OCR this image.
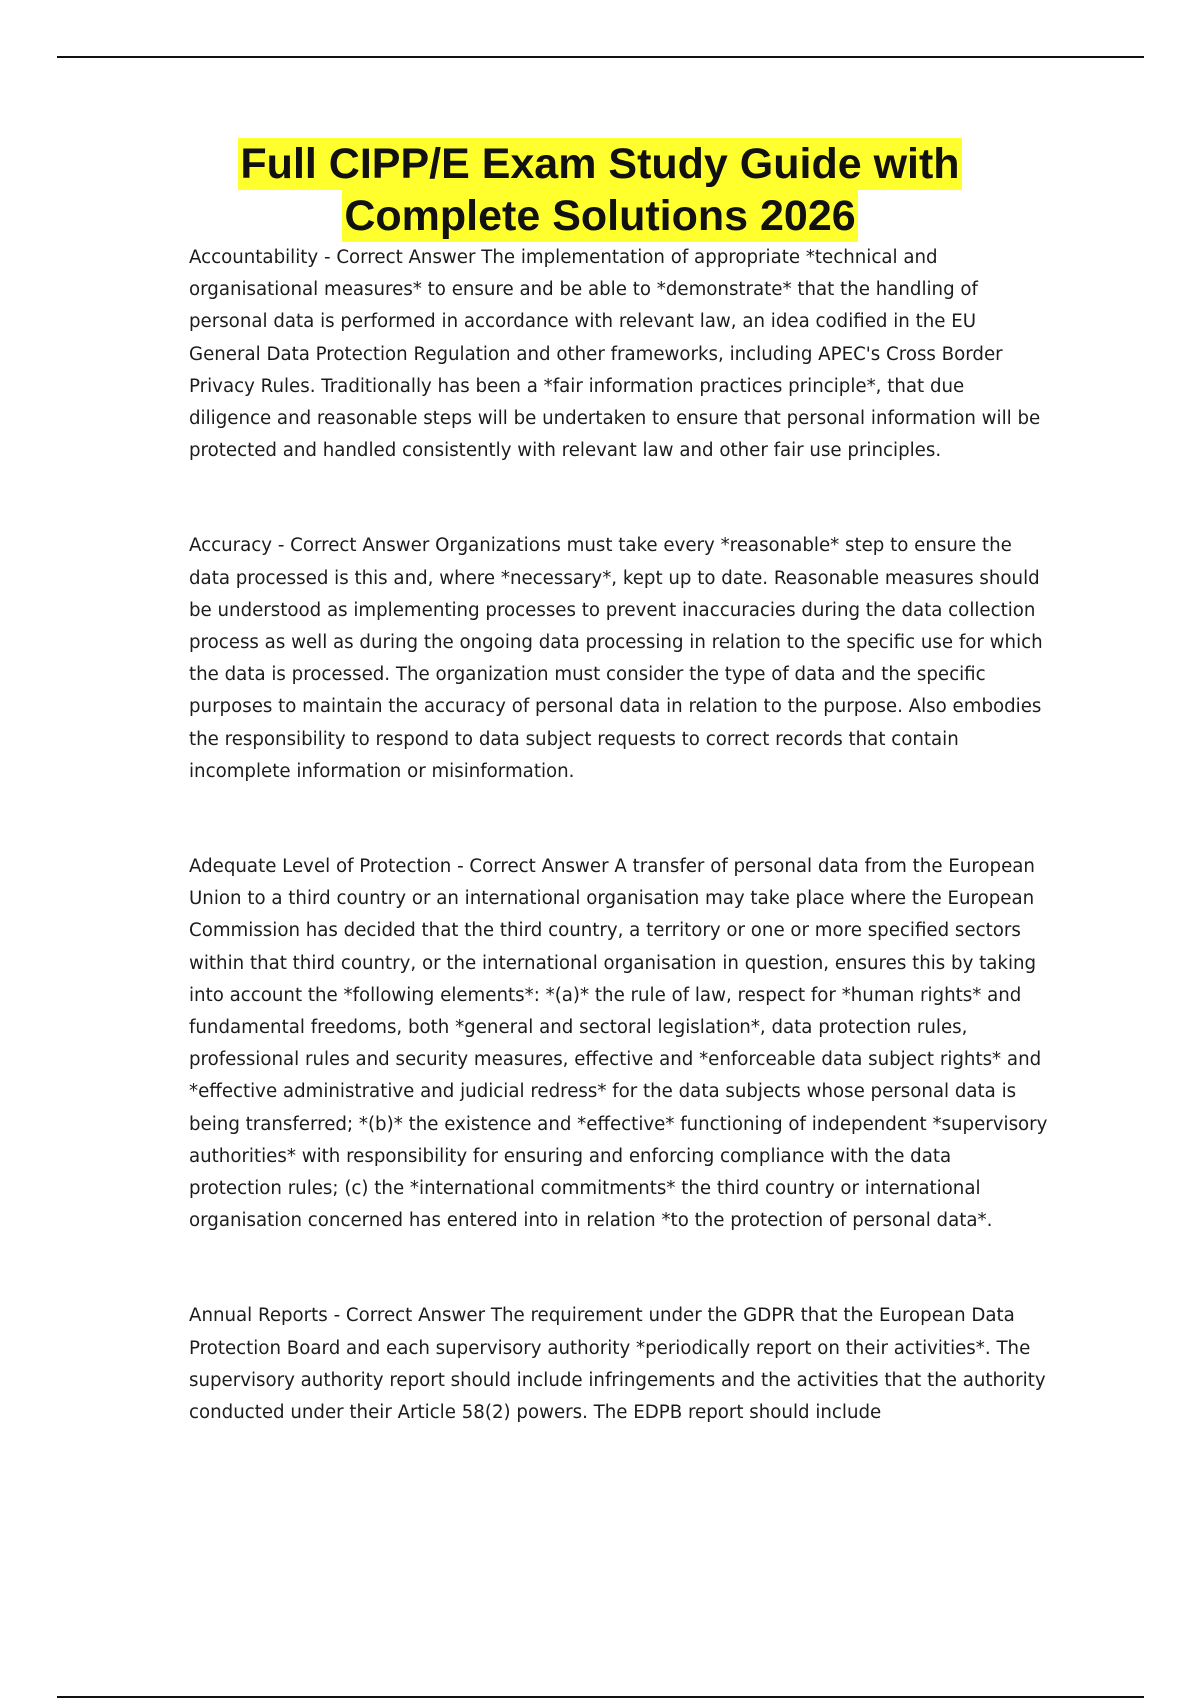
Full CIPP/E Exam Study Guide with
Complete Solutions 2026

Accountability - Correct Answer The implementation of appropriate *technical and organisational measures* to ensure and be able to *demonstrate* that the handling of personal data is performed in accordance with relevant law, an idea codified in the EU General Data Protection Regulation and other frameworks, including APEC's Cross Border Privacy Rules. Traditionally has been a *fair information practices principle*, that due diligence and reasonable steps will be undertaken to ensure that personal information will be protected and handled consistently with relevant law and other fair use principles.

Accuracy - Correct Answer Organizations must take every *reasonable* step to ensure the data processed is this and, where *necessary*, kept up to date. Reasonable measures should be understood as implementing processes to prevent inaccuracies during the data collection process as well as during the ongoing data processing in relation to the specific use for which the data is processed. The organization must consider the type of data and the specific purposes to maintain the accuracy of personal data in relation to the purpose. Also embodies the responsibility to respond to data subject requests to correct records that contain incomplete information or misinformation.

Adequate Level of Protection - Correct Answer A transfer of personal data from the European Union to a third country or an international organisation may take place where the European Commission has decided that the third country, a territory or one or more specified sectors within that third country, or the international organisation in question, ensures this by taking into account the *following elements*: *(a)* the rule of law, respect for *human rights* and fundamental freedoms, both *general and sectoral legislation*, data protection rules, professional rules and security measures, effective and *enforceable data subject rights* and *effective administrative and judicial redress* for the data subjects whose personal data is being transferred; *(b)* the existence and *effective* functioning of independent *supervisory authorities* with responsibility for ensuring and enforcing compliance with the data protection rules; (c) the *international commitments* the third country or international organisation concerned has entered into in relation *to the protection of personal data*.

Annual Reports - Correct Answer The requirement under the GDPR that the European Data Protection Board and each supervisory authority *periodically report on their activities*. The supervisory authority report should include infringements and the activities that the authority conducted under their Article 58(2) powers. The EDPB report should include
